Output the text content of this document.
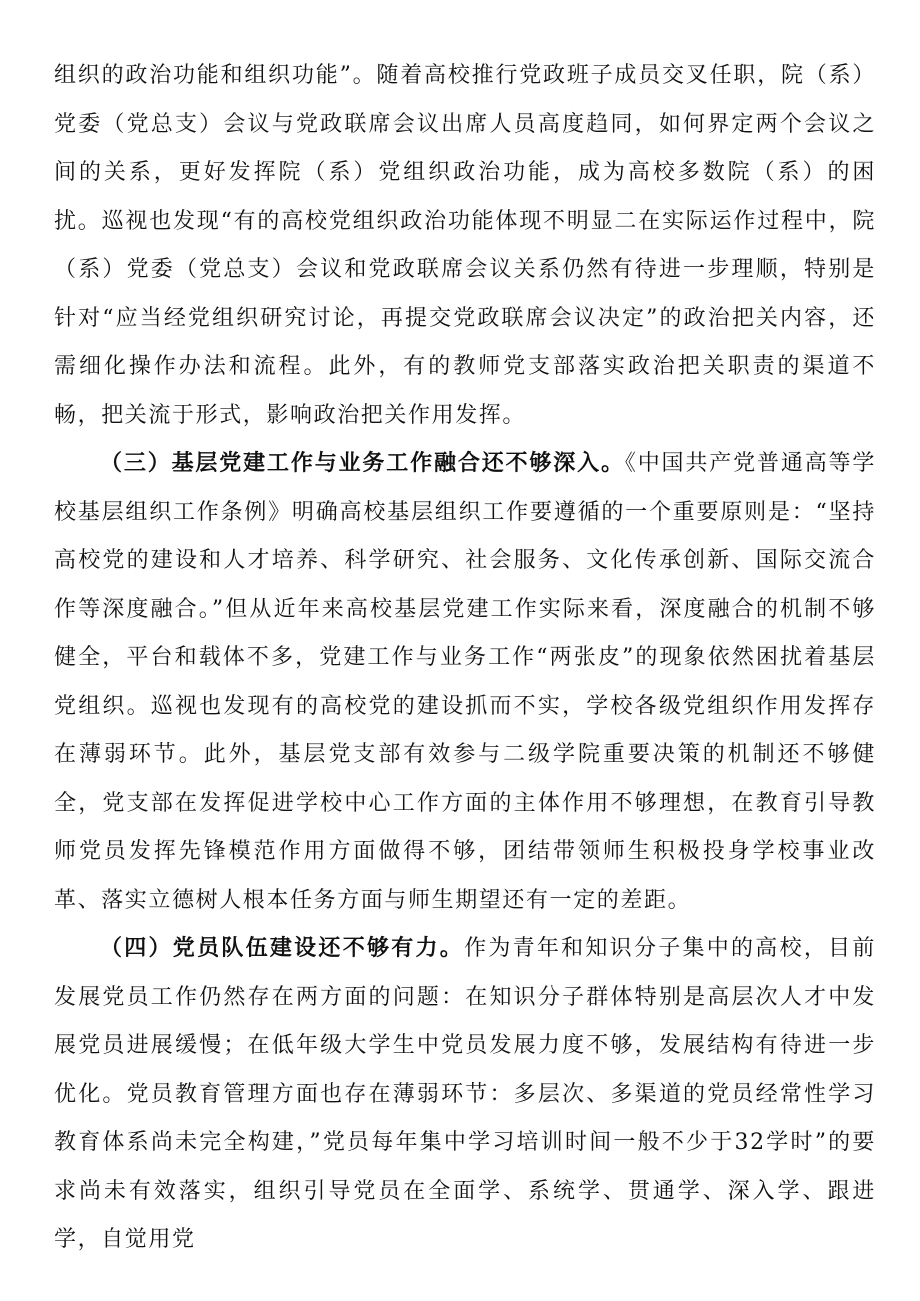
组织的政治功能和组织功能”。随着高校推行党政班子成员交叉任职，院（系）党委（党总支）会议与党政联席会议出席人员高度趋同，如何界定两个会议之间的关系，更好发挥院（系）党组织政治功能，成为高校多数院（系）的困扰。巡视也发现“有的高校党组织政治功能体现不明显二在实际运作过程中，院（系）党委（党总支）会议和党政联席会议关系仍然有待进一步理顺，特别是针对“应当经党组织研究讨论，再提交党政联席会议决定”的政治把关内容，还需细化操作办法和流程。此外，有的教师党支部落实政治把关职责的渠道不畅，把关流于形式，影响政治把关作用发挥。

（三）基层党建工作与业务工作融合还不够深入。《中国共产党普通高等学校基层组织工作条例》明确高校基层组织工作要遵循的一个重要原则是：“坚持高校党的建设和人才培养、科学研究、社会服务、文化传承创新、国际交流合作等深度融合。”但从近年来高校基层党建工作实际来看，深度融合的机制不够健全，平台和载体不多，党建工作与业务工作“两张皮”的现象依然困扰着基层党组织。巡视也发现有的高校党的建设抓而不实，学校各级党组织作用发挥存在薄弱环节。此外，基层党支部有效参与二级学院重要决策的机制还不够健全，党支部在发挥促进学校中心工作方面的主体作用不够理想，在教育引导教师党员发挥先锋模范作用方面做得不够，团结带领师生积极投身学校事业改革、落实立德树人根本任务方面与师生期望还有一定的差距。

（四）党员队伍建设还不够有力。作为青年和知识分子集中的高校，目前发展党员工作仍然存在两方面的问题：在知识分子群体特别是高层次人才中发展党员进展缓慢；在低年级大学生中党员发展力度不够，发展结构有待进一步优化。党员教育管理方面也存在薄弱环节：多层次、多渠道的党员经常性学习教育体系尚未完全构建，”党员每年集中学习培训时间一般不少于32学时”的要求尚未有效落实，组织引导党员在全面学、系统学、贯通学、深入学、跟进学，自觉用党
